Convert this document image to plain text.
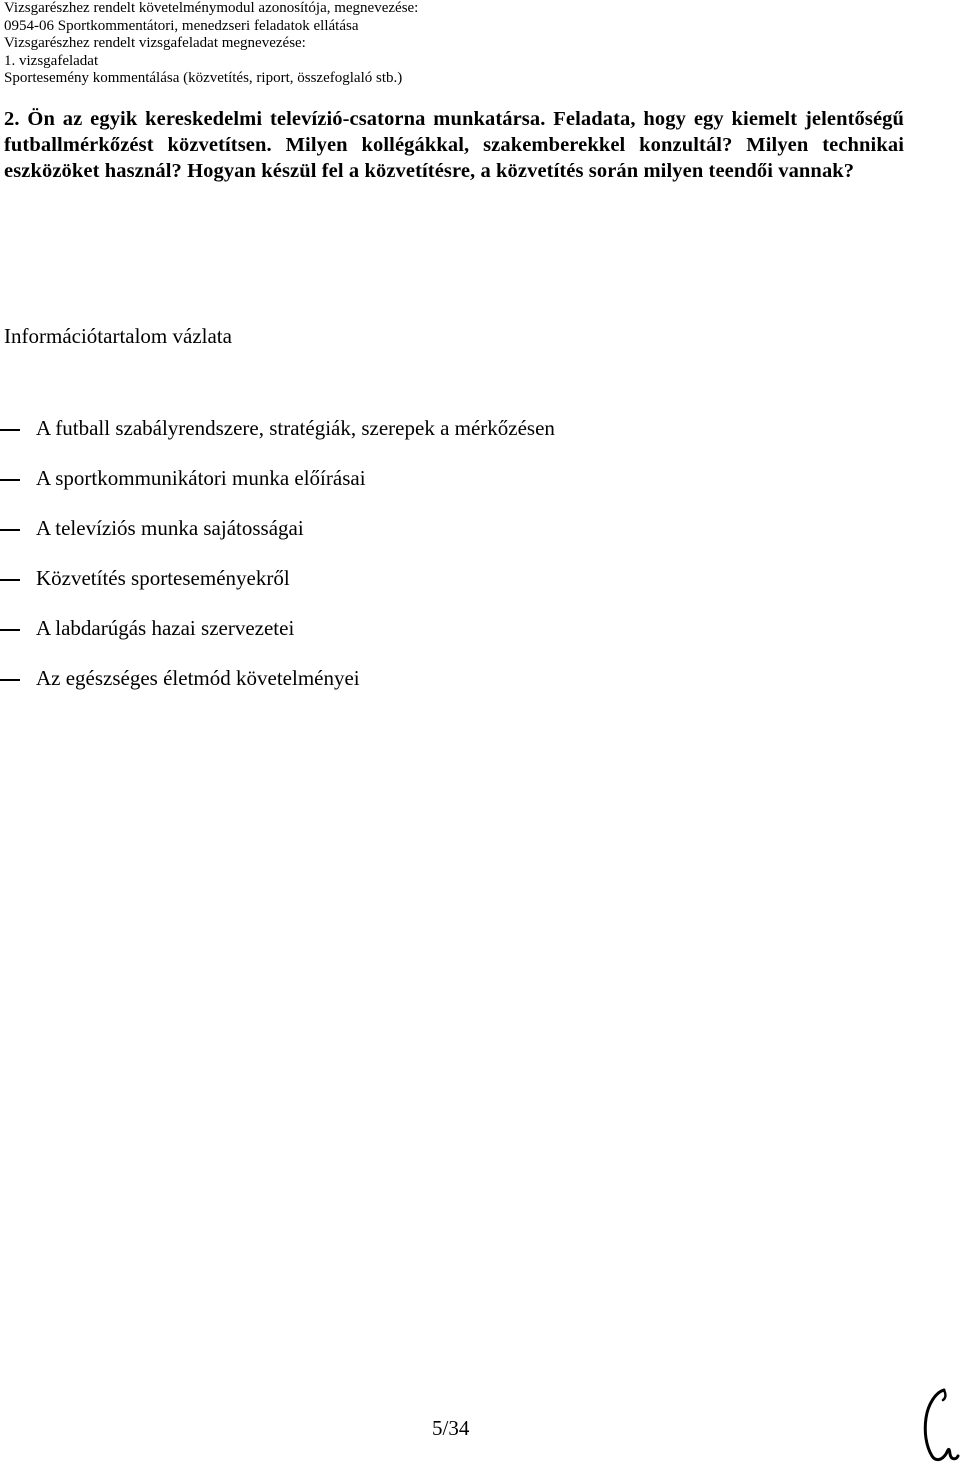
Vizsgarészhez rendelt követelménymodul azonosítója, megnevezése:
0954-06 Sportkommentátori, menedzseri feladatok ellátása
Vizsgarészhez rendelt vizsgafeladat megnevezése:
1. vizsgafeladat
Sportesemény kommentálása (közvetítés, riport, összefoglaló stb.)
2. Ön az egyik kereskedelmi televízió-csatorna munkatársa. Feladata, hogy egy kiemelt jelentőségű futballmérkőzést közvetítsen. Milyen kollégákkal, szakemberekkel konzultál? Milyen technikai eszközöket használ? Hogyan készül fel a közvetítésre, a közvetítés során milyen teendői vannak?
Információtartalom vázlata
A futball szabályrendszere, stratégiák, szerepek a mérkőzésen
A sportkommunikátori munka előírásai
A televíziós munka sajátosságai
Közvetítés sporteseményekről
A labdarúgás hazai szervezetei
Az egészséges életmód követelményei
5/34
